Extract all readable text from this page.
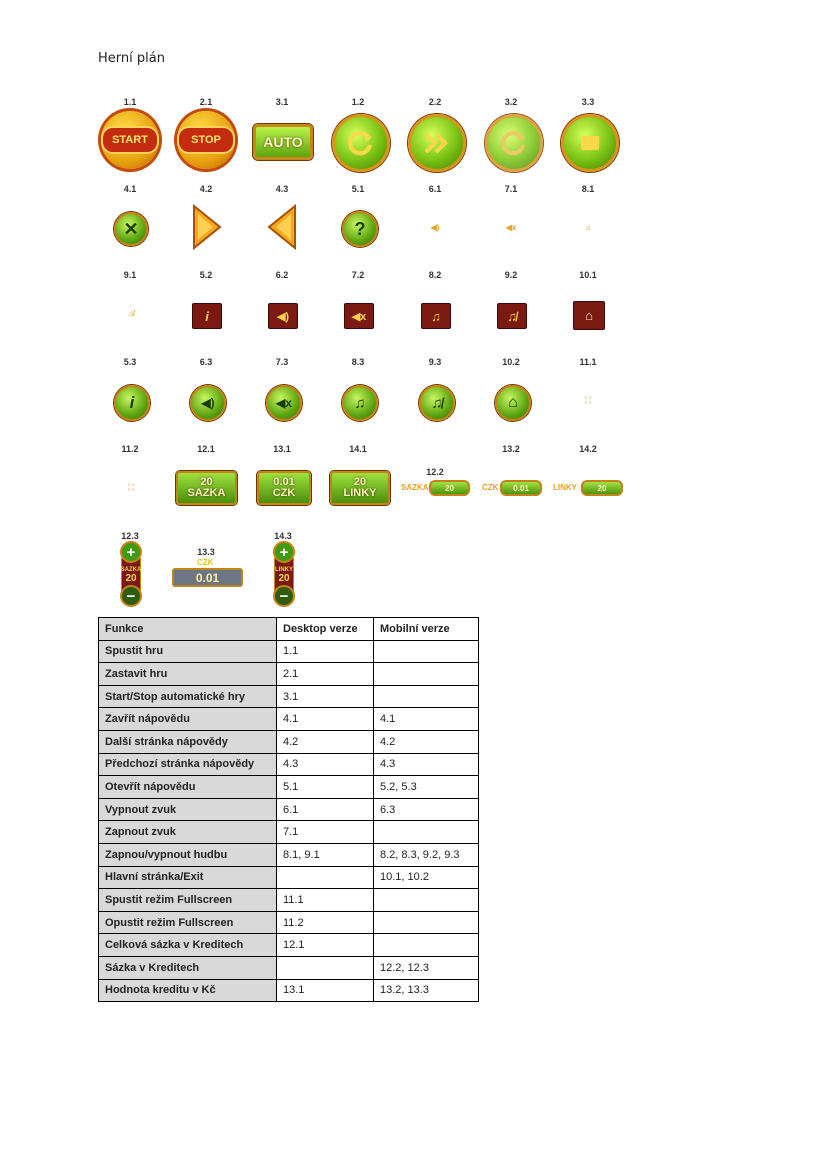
Herní plán
1.1	2.1	3.1	1.2	2.2	3.2	3.3
START	STOP	AUTO
4.1	4.2	4.3	5.1	6.1	7.1	8.1
✕	?	◀)	◀x	♫
9.1	5.2	6.2	7.2	8.2	9.2	10.1
♫̸	i	◀)	◀x	♫	♫̸	⌂
5.3	6.3	7.3	8.3	9.3	10.2	11.1
i	◀)	◀x	♫	♫̸	⌂	⛶
11.2	12.1	13.1	14.1
12.2
13.2	14.2
⛶	20
SAZKA
0.01
CZK
20
LINKY	SAZKA 20	CZK 0.01	LINKY	20
12.3
13.3
14.3
SAZKA
20
+
−
CZK
0.01
LINKY
20
+
−
Funkce	Desktop verze	Mobilní verze
Spustit hru	1.1	
Zastavit hru	2.1	
Start/Stop automatické hry	3.1	
Zavřít nápovědu	4.1	4.1
Další stránka nápovědy	4.2	4.2
Předchozí stránka nápovědy	4.3	4.3
Otevřít nápovědu	5.1	5.2, 5.3
Vypnout zvuk	6.1	6.3
Zapnout zvuk	7.1	
Zapnou/vypnout hudbu	8.1, 9.1	8.2, 8.3, 9.2, 9.3
Hlavní stránka/Exit		10.1, 10.2
Spustit režim Fullscreen	11.1	
Opustit režim Fullscreen	11.2	
Celková sázka v Kreditech	12.1	
Sázka v Kreditech		12.2, 12.3
Hodnota kreditu v Kč	13.1	13.2, 13.3
